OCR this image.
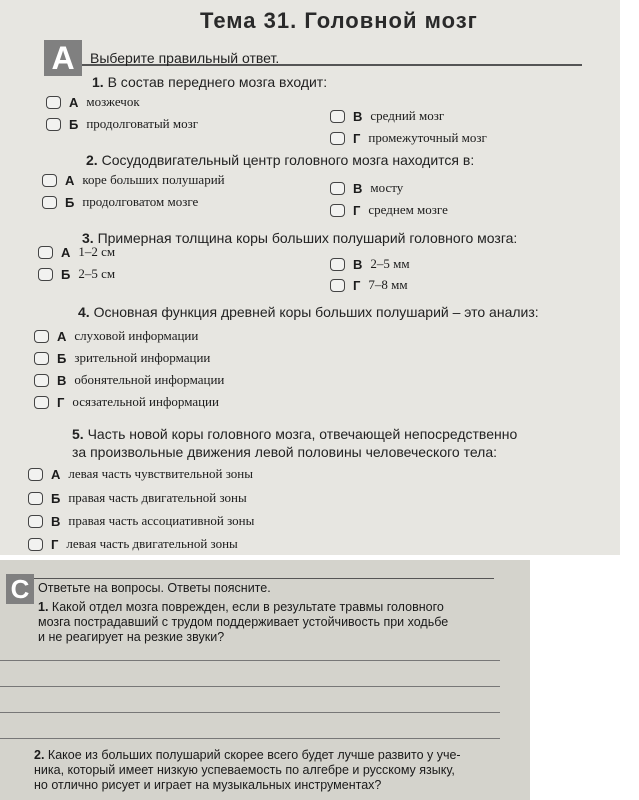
Тема 31. Головной мозг
A	Выберите правильный ответ.
1. В состав переднего мозга входит:
А мозжечок
Б продолговатый мозг	В средний мозг
Г промежуточный мозг
2. Сосудодвигательный центр головного мозга находится в:
А коре больших полушарий
Б продолговатом мозге
В мосту
Г среднем мозге
3. Примерная толщина коры больших полушарий головного мозга:
А 1–2 см
Б 2–5 см
В 2–5 мм
Г 7–8 мм
4. Основная функция древней коры больших полушарий – это анализ:
А слуховой информации
Б зрительной информации
В обонятельной информации
Г осязательной информации
5. Часть новой коры головного мозга, отвечающей непосредственно
за произвольные движения левой половины человеческого тела:
А левая часть чувствительной зоны
Б правая часть двигательной зоны
В правая часть ассоциативной зоны
Г левая часть двигательной зоны
C Ответьте на вопросы. Ответы поясните.
1. Какой отдел мозга поврежден, если в результате травмы головного
мозга пострадавший с трудом поддерживает устойчивость при ходьбе
и не реагирует на резкие звуки?
2. Какое из больших полушарий скорее всего будет лучше развито у уче-
ника, который имеет низкую успеваемость по алгебре и русскому языку,
но отлично рисует и играет на музыкальных инструментах?
